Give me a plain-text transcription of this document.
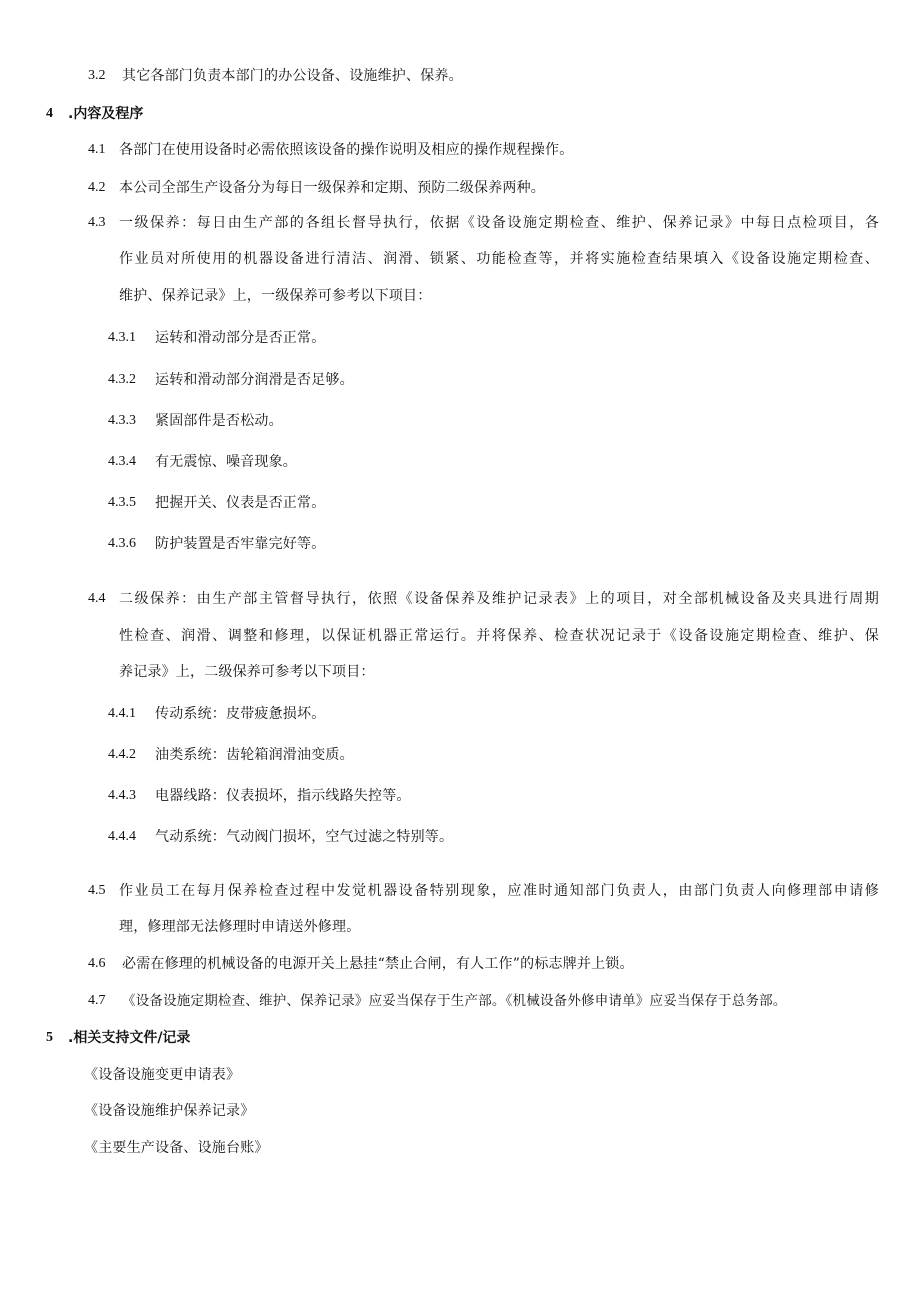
3.2 其它各部门负责本部门的办公设备、设施维护、保养。
4 .内容及程序
4.1 各部门在使用设备时必需依照该设备的操作说明及相应的操作规程操作。
4.2 本公司全部生产设备分为每日一级保养和定期、预防二级保养两种。
4.3 一级保养：每日由生产部的各组长督导执行，依据《设备设施定期检查、维护、保养记录》中每日点检项目，各
作业员对所使用的机器设备进行清洁、润滑、锁紧、功能检查等，并将实施检查结果填入《设备设施定期检查、
维护、保养记录》上，一级保养可参考以下项目：
4.3.1 运转和滑动部分是否正常。
4.3.2 运转和滑动部分润滑是否足够。
4.3.3 紧固部件是否松动。
4.3.4 有无震惊、噪音现象。
4.3.5 把握开关、仪表是否正常。
4.3.6 防护装置是否牢靠完好等。
4.4 二级保养：由生产部主管督导执行，依照《设备保养及维护记录表》上的项目，对全部机械设备及夹具进行周期
性检查、润滑、调整和修理，以保证机器正常运行。并将保养、检查状况记录于《设备设施定期检查、维护、保
养记录》上，二级保养可参考以下项目：
4.4.1 传动系统：皮带疲惫损坏。
4.4.2 油类系统：齿轮箱润滑油变质。
4.4.3 电器线路：仪表损坏，指示线路失控等。
4.4.4 气动系统：气动阀门损坏，空气过滤之特别等。
4.5 作业员工在每月保养检查过程中发觉机器设备特别现象，应准时通知部门负责人，由部门负责人向修理部申请修
理，修理部无法修理时申请送外修理。
4.6 必需在修理的机械设备的电源开关上悬挂“禁止合闸，有人工作”的标志牌并上锁。
4.7 《设备设施定期检查、维护、保养记录》应妥当保存于生产部。《机械设备外修申请单》应妥当保存于总务部。
5 .相关支持文件/记录
《设备设施变更申请表》
《设备设施维护保养记录》
《主要生产设备、设施台账》
